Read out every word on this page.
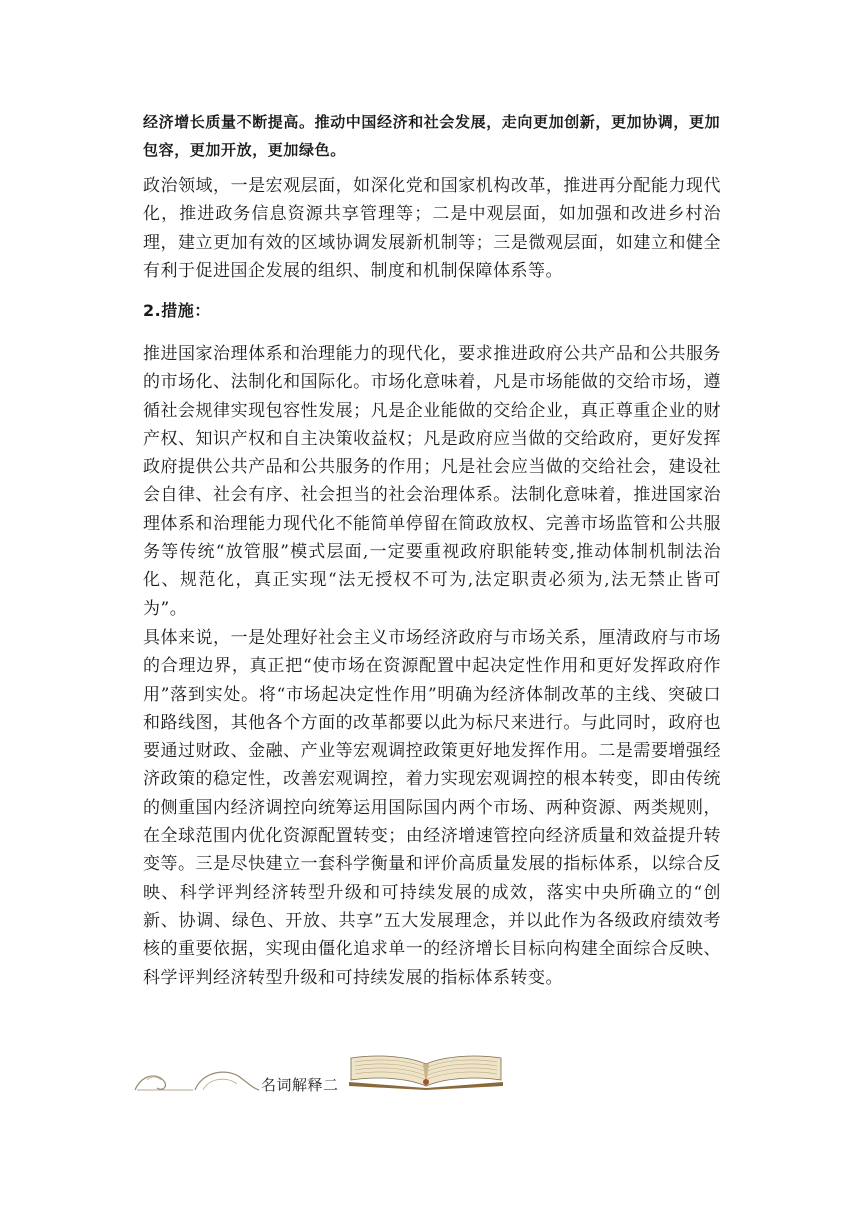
经济增长质量不断提高。推动中国经济和社会发展，走向更加创新，更加协调，更加包容，更加开放，更加绿色。

政治领域，一是宏观层面，如深化党和国家机构改革，推进再分配能力现代化，推进政务信息资源共享管理等；二是中观层面，如加强和改进乡村治理，建立更加有效的区域协调发展新机制等；三是微观层面，如建立和健全有利于促进国企发展的组织、制度和机制保障体系等。

2.措施：

推进国家治理体系和治理能力的现代化，要求推进政府公共产品和公共服务的市场化、法制化和国际化。市场化意味着，凡是市场能做的交给市场，遵循社会规律实现包容性发展；凡是企业能做的交给企业，真正尊重企业的财产权、知识产权和自主决策收益权；凡是政府应当做的交给政府，更好发挥政府提供公共产品和公共服务的作用；凡是社会应当做的交给社会，建设社会自律、社会有序、社会担当的社会治理体系。法制化意味着，推进国家治理体系和治理能力现代化不能简单停留在简政放权、完善市场监管和公共服务等传统“放管服”模式层面,一定要重视政府职能转变,推动体制机制法治化、规范化，真正实现“法无授权不可为,法定职责必须为,法无禁止皆可为”。

具体来说，一是处理好社会主义市场经济政府与市场关系，厘清政府与市场的合理边界，真正把“使市场在资源配置中起决定性作用和更好发挥政府作用”落到实处。将“市场起决定性作用”明确为经济体制改革的主线、突破口和路线图，其他各个方面的改革都要以此为标尺来进行。与此同时，政府也要通过财政、金融、产业等宏观调控政策更好地发挥作用。二是需要增强经济政策的稳定性，改善宏观调控，着力实现宏观调控的根本转变，即由传统的侧重国内经济调控向统筹运用国际国内两个市场、两种资源、两类规则，在全球范围内优化资源配置转变；由经济增速管控向经济质量和效益提升转变等。三是尽快建立一套科学衡量和评价高质量发展的指标体系，以综合反映、科学评判经济转型升级和可持续发展的成效，落实中央所确立的“创新、协调、绿色、开放、共享”五大发展理念，并以此作为各级政府绩效考核的重要依据，实现由僵化追求单一的经济增长目标向构建全面综合反映、科学评判经济转型升级和可持续发展的指标体系转变。

名词解释二
